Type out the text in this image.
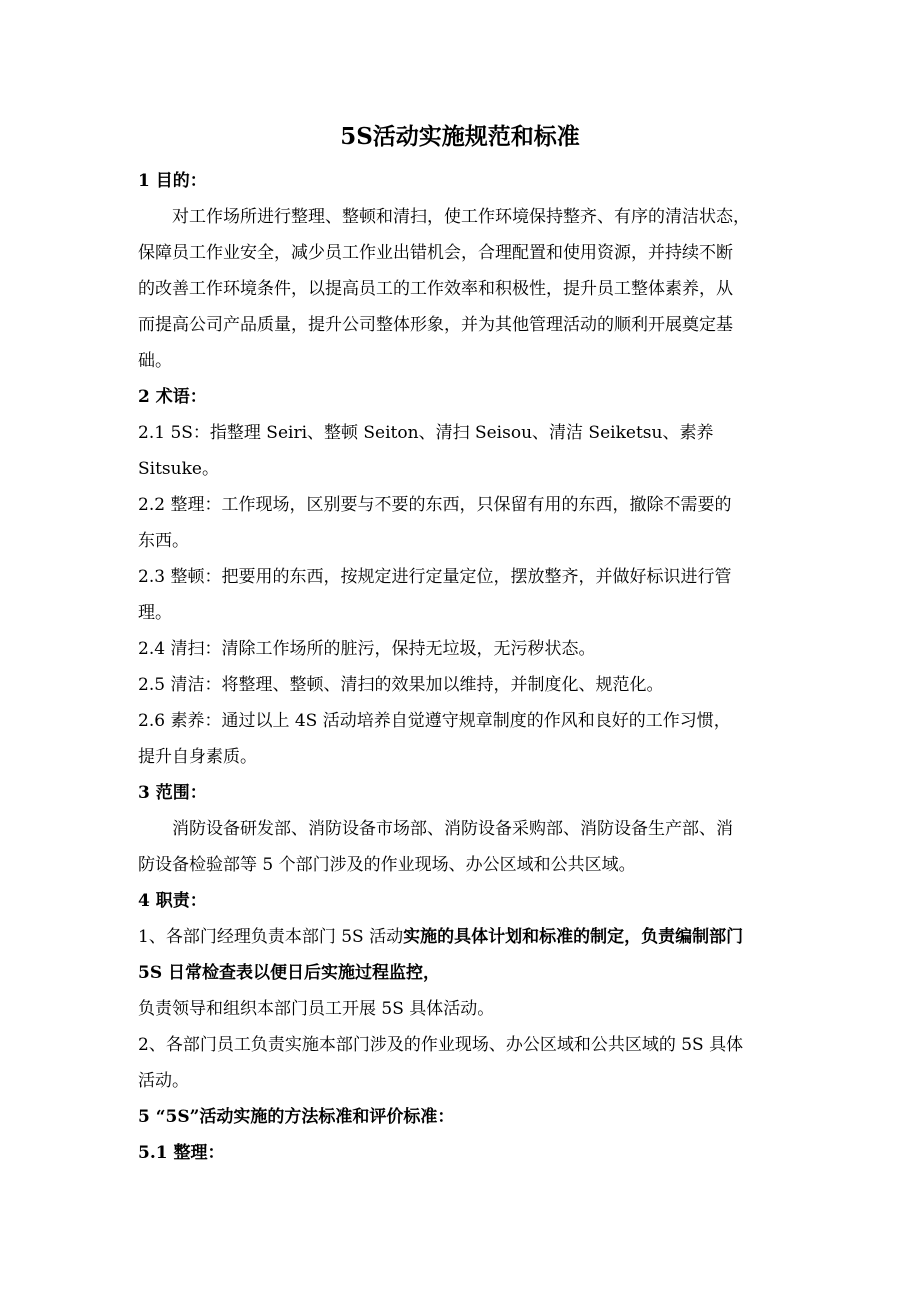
5S活动实施规范和标准
1 目的：
对工作场所进行整理、整顿和清扫，使工作环境保持整齐、有序的清洁状态，
保障员工作业安全，减少员工作业出错机会，合理配置和使用资源，并持续不断
的改善工作环境条件，以提高员工的工作效率和积极性，提升员工整体素养，从
而提高公司产品质量，提升公司整体形象，并为其他管理活动的顺利开展奠定基
础。
2 术语：
2.1 5S：指整理 Seiri、整顿 Seiton、清扫 Seisou、清洁 Seiketsu、素养
Sitsuke。
2.2 整理：工作现场，区别要与不要的东西，只保留有用的东西，撤除不需要的
东西。
2.3 整顿：把要用的东西，按规定进行定量定位，摆放整齐，并做好标识进行管
理。
2.4 清扫：清除工作场所的脏污，保持无垃圾，无污秽状态。
2.5 清洁：将整理、整顿、清扫的效果加以维持，并制度化、规范化。
2.6 素养：通过以上 4S 活动培养自觉遵守规章制度的作风和良好的工作习惯，
提升自身素质。
3 范围：
消防设备研发部、消防设备市场部、消防设备采购部、消防设备生产部、消
防设备检验部等 5 个部门涉及的作业现场、办公区域和公共区域。
4 职责：
1、各部门经理负责本部门 5S 活动实施的具体计划和标准的制定，负责编制部门
5S 日常检查表以便日后实施过程监控，
负责领导和组织本部门员工开展 5S 具体活动。
2、各部门员工负责实施本部门涉及的作业现场、办公区域和公共区域的 5S 具体
活动。
5 “5S”活动实施的方法标准和评价标准：
5.1 整理：
